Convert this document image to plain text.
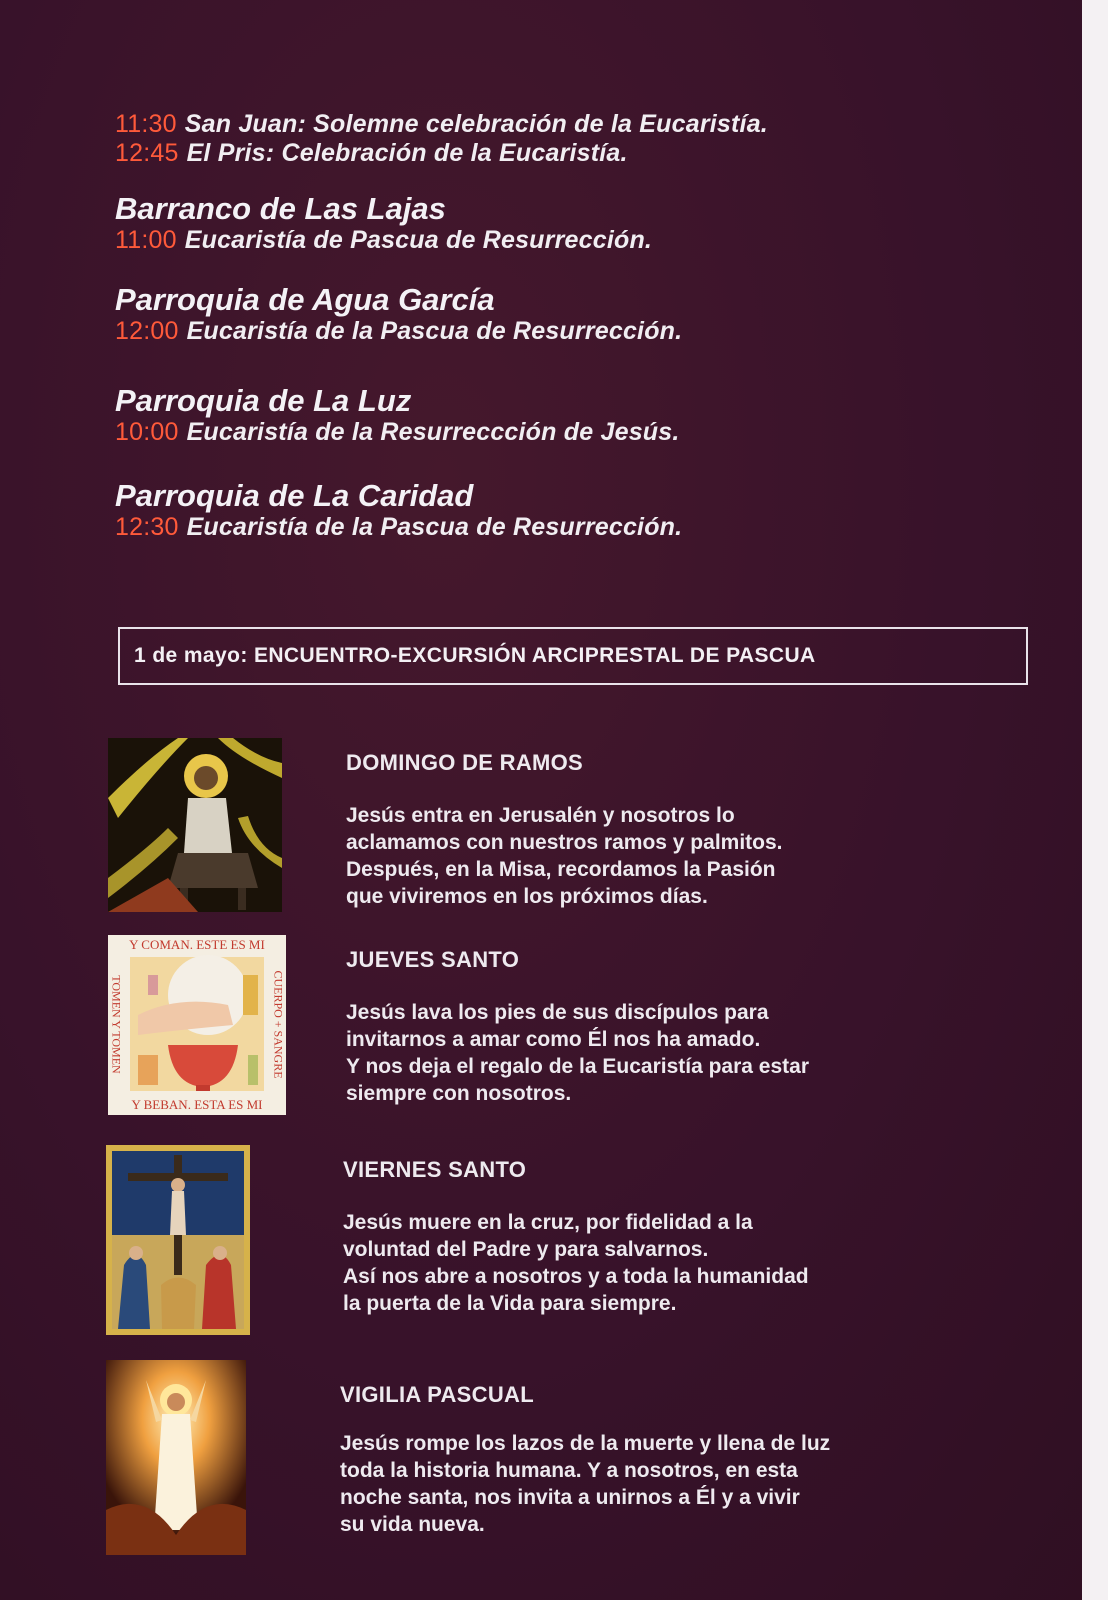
11:30 San Juan: Solemne celebración de la Eucaristía.
12:45 El Pris: Celebración de la Eucaristía.
Barranco de Las Lajas
11:00 Eucaristía de Pascua de Resurrección.
Parroquia de Agua García
12:00 Eucaristía de la Pascua de Resurrección.
Parroquia de La Luz
10:00 Eucaristía de la Resurreccción de Jesús.
Parroquia de La Caridad
12:30 Eucaristía de la Pascua de Resurrección.
1 de mayo: ENCUENTRO-EXCURSIÓN ARCIPRESTAL DE PASCUA
DOMINGO DE RAMOS
Jesús entra en Jerusalén y nosotros lo
aclamamos con nuestros ramos y palmitos.
Después, en la Misa, recordamos la Pasión
que viviremos en los próximos días.
Y COMAN. ESTE ES MI
Y BEBAN. ESTA ES MI
TOMEN Y TOMEN	CUERPO + SANGRE
JUEVES SANTO
Jesús lava los pies de sus discípulos para
invitarnos a amar como Él nos ha amado.
Y nos deja el regalo de la Eucaristía para estar
siempre con nosotros.
VIERNES SANTO
Jesús muere en la cruz, por fidelidad a la
voluntad del Padre y para salvarnos.
Así nos abre a nosotros y a toda la humanidad
la puerta de la Vida para siempre.
VIGILIA PASCUAL
Jesús rompe los lazos de la muerte y llena de luz
toda la historia humana. Y a nosotros, en esta
noche santa, nos invita a unirnos a Él y a vivir
su vida nueva.
